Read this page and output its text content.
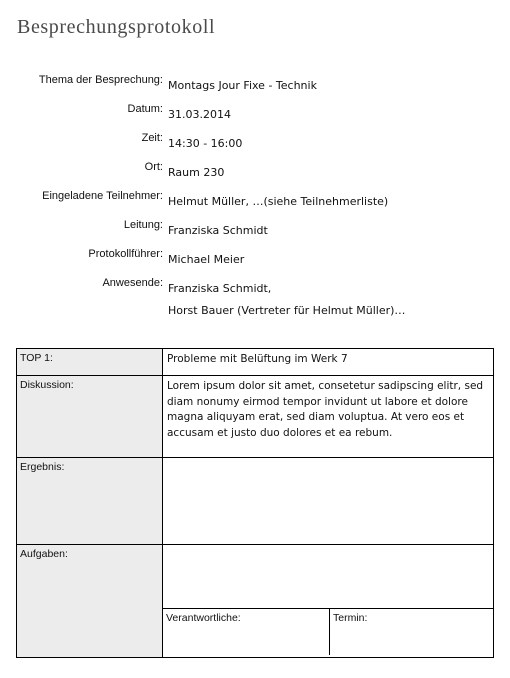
Besprechungsprotokoll
Thema der Besprechung: Montags Jour Fixe - Technik
Datum: 31.03.2014
Zeit: 14:30 - 16:00
Ort: Raum 230
Eingeladene Teilnehmer: Helmut Müller, …(siehe Teilnehmerliste)
Leitung: Franziska Schmidt
Protokollführer: Michael Meier
Anwesende: Franziska Schmidt,
Horst Bauer (Vertreter für Helmut Müller)…
TOP 1:	Probleme mit Belüftung im Werk 7
Diskussion:	Lorem ipsum dolor sit amet, consetetur sadipscing elitr, sed diam nonumy eirmod tempor invidunt ut labore et dolore magna aliquyam erat, sed diam voluptua. At vero eos et accusam et justo duo dolores et ea rebum.
Ergebnis:	
Aufgaben:	
Verantwortliche:	Termin:
